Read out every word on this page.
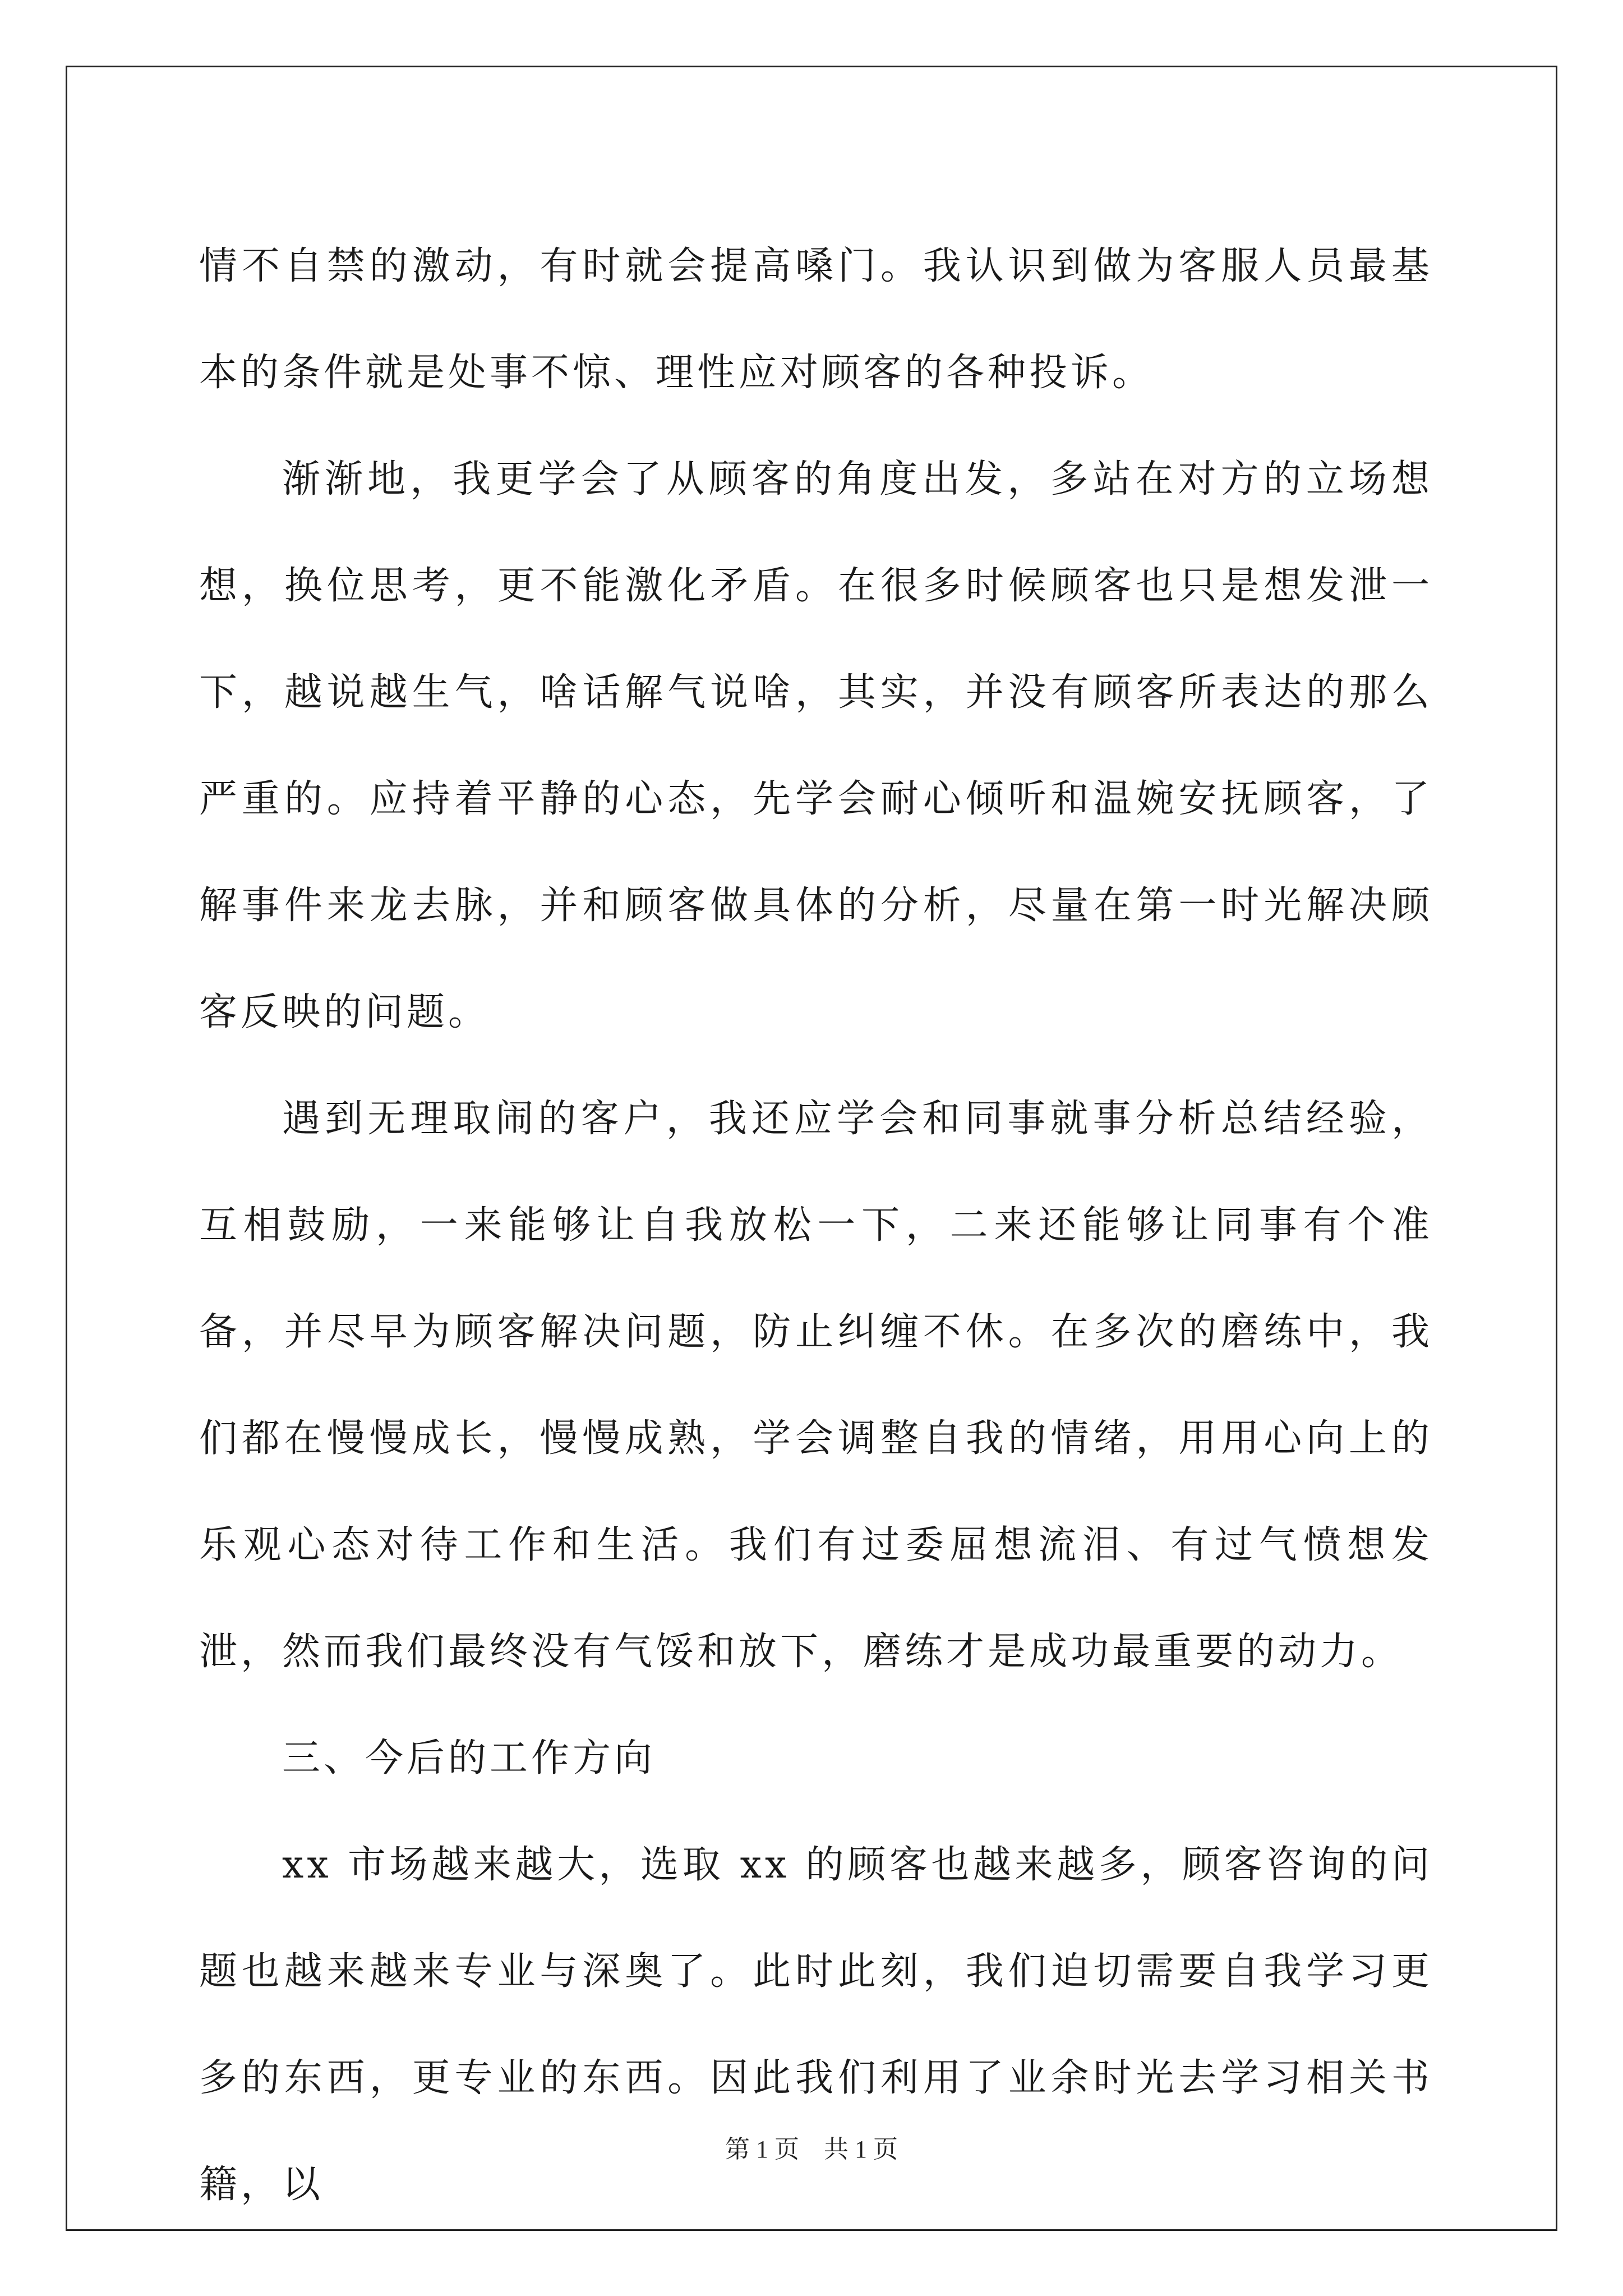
情不自禁的激动，有时就会提高嗓门。我认识到做为客服人员最基本的条件就是处事不惊、理性应对顾客的各种投诉。

渐渐地，我更学会了从顾客的角度出发，多站在对方的立场想想，换位思考，更不能激化矛盾。在很多时候顾客也只是想发泄一下，越说越生气，啥话解气说啥，其实，并没有顾客所表达的那么严重的。应持着平静的心态，先学会耐心倾听和温婉安抚顾客，了解事件来龙去脉，并和顾客做具体的分析，尽量在第一时光解决顾客反映的问题。

遇到无理取闹的客户，我还应学会和同事就事分析总结经验，互相鼓励，一来能够让自我放松一下，二来还能够让同事有个准备，并尽早为顾客解决问题，防止纠缠不休。在多次的磨练中，我们都在慢慢成长，慢慢成熟，学会调整自我的情绪，用用心向上的乐观心态对待工作和生活。我们有过委屈想流泪、有过气愤想发泄，然而我们最终没有气馁和放下，磨练才是成功最重要的动力。

三、今后的工作方向

xx 市场越来越大，选取 xx 的顾客也越来越多，顾客咨询的问题也越来越来专业与深奥了。此时此刻，我们迫切需要自我学习更多的东西，更专业的东西。因此我们利用了业余时光去学习相关书籍，以

第 1 页 共 1 页
